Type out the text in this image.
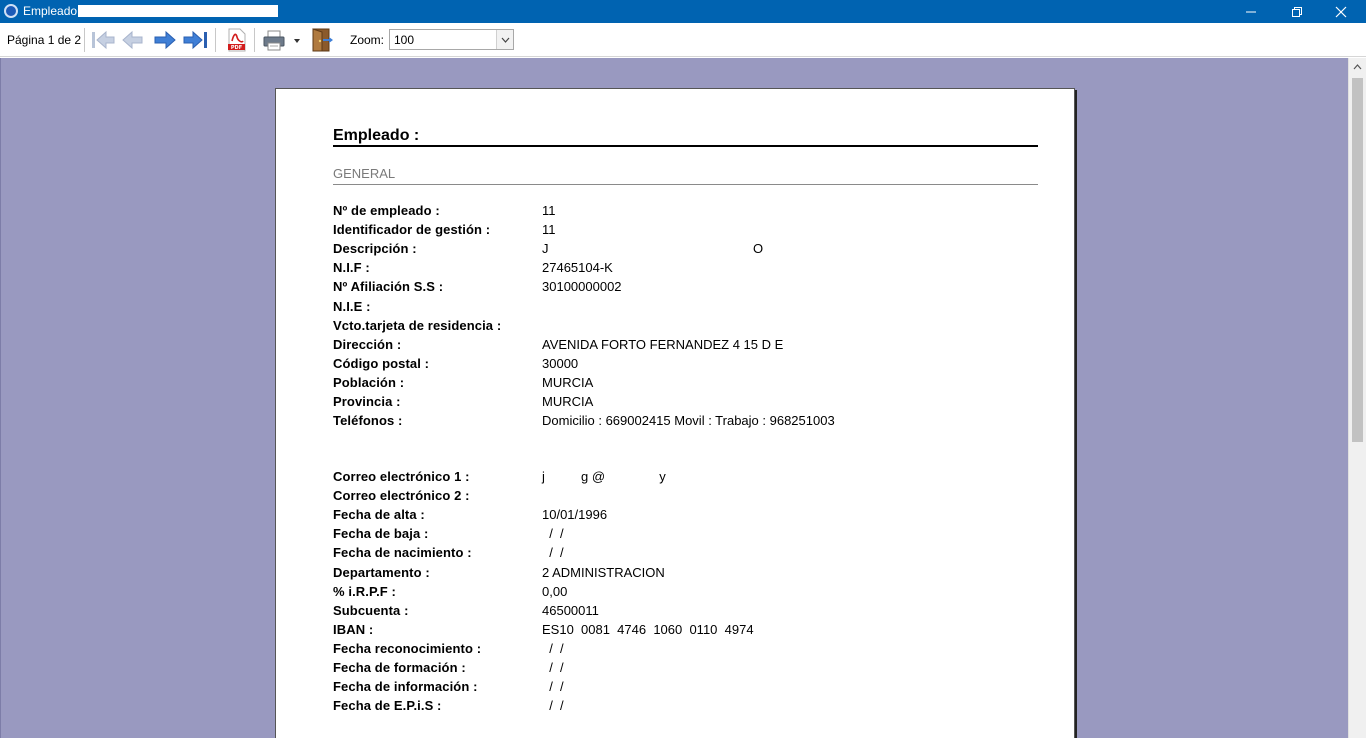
Empleado
Página 1 de 2
PDF
Zoom: 100
Empleado :
GENERAL
Nº de empleado :	11
Identificador de gestión :	11
Descripción :	J	O
N.I.F :	27465104-K
Nº Afiliación S.S :	30100000002
N.I.E :
Vcto.tarjeta de residencia :
Dirección :	AVENIDA FORTO FERNANDEZ 4 15 D E
Código postal :	30000
Población :	MURCIA
Provincia :	MURCIA
Teléfonos :	Domicilio : 669002415 Movil : Trabajo : 968251003
Correo electrónico 1 :	j          g @               y
Correo electrónico 2 :
Fecha de alta :	10/01/1996
Fecha de baja :	/  /
Fecha de nacimiento :	/  /
Departamento :	2 ADMINISTRACION
% i.R.P.F :	0,00
Subcuenta :	46500011
IBAN :	ES10  0081  4746  1060  0110  4974
Fecha reconocimiento :	/  /
Fecha de formación :	/  /
Fecha de información :	/  /
Fecha de E.P.i.S :	/  /
